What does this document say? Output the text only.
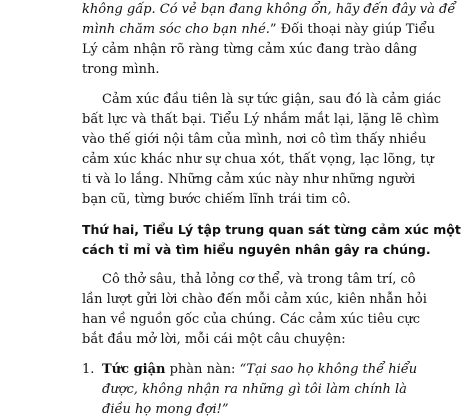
không gấp. Có vẻ bạn đang không ổn, hãy đến đây và để
mình chăm sóc cho bạn nhé.” Đối thoại này giúp Tiểu
Lý cảm nhận rõ ràng từng cảm xúc đang trào dâng
trong mình.
Cảm xúc đầu tiên là sự tức giận, sau đó là cảm giác
bất lực và thất bại. Tiểu Lý nhắm mắt lại, lặng lẽ chìm
vào thế giới nội tâm của mình, nơi cô tìm thấy nhiều
cảm xúc khác như sự chua xót, thất vọng, lạc lõng, tự
ti và lo lắng. Những cảm xúc này như những người
bạn cũ, từng bước chiếm lĩnh trái tim cô.
Thứ hai, Tiểu Lý tập trung quan sát từng cảm xúc một
cách tỉ mỉ và tìm hiểu nguyên nhân gây ra chúng.
Cô thở sâu, thả lỏng cơ thể, và trong tâm trí, cô
lần lượt gửi lời chào đến mỗi cảm xúc, kiên nhẫn hỏi
han về nguồn gốc của chúng. Các cảm xúc tiêu cực
bắt đầu mở lời, mỗi cái một câu chuyện:
1. Tức giận phàn nàn: “Tại sao họ không thể hiểu
được, không nhận ra những gì tôi làm chính là
điều họ mong đợi!”
